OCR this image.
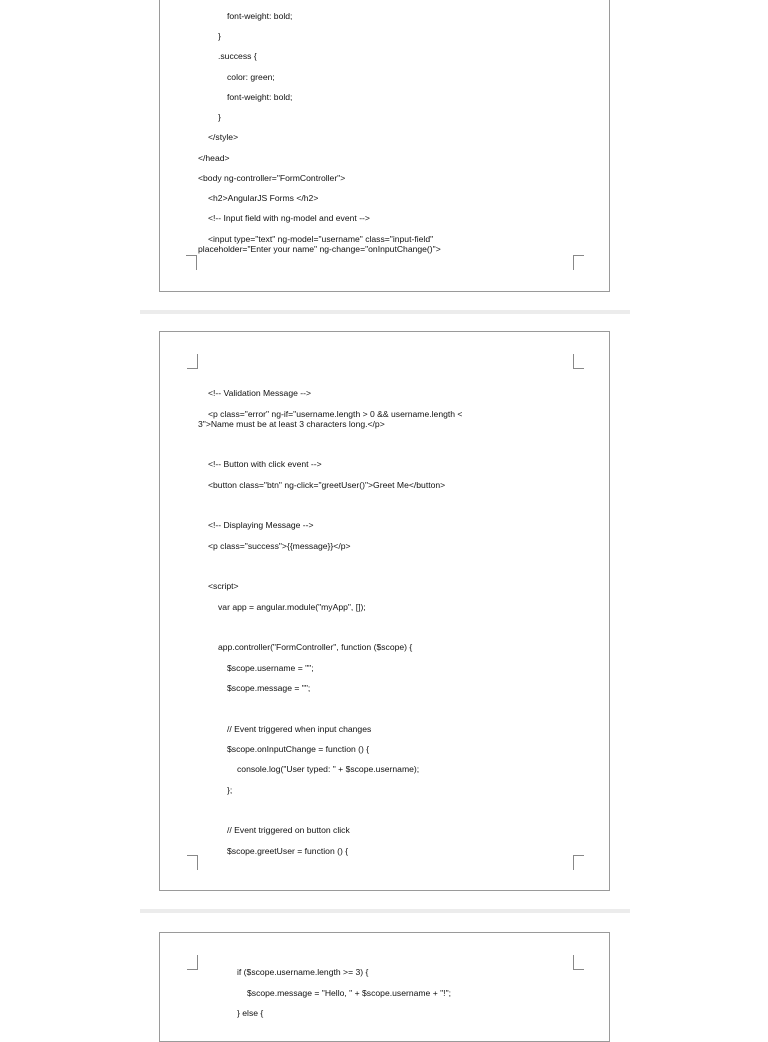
font-weight: bold;
}
.success {
color: green;
font-weight: bold;
}
</style>
</head>
<body ng-controller="FormController">
<h2>AngularJS Forms </h2>
<!-- Input field with ng-model and event -->
<input type="text" ng-model="username" class="input-field"
placeholder="Enter your name" ng-change="onInputChange()">
<!-- Validation Message -->
<p class="error" ng-if="username.length > 0 && username.length <
3">Name must be at least 3 characters long.</p>
<!-- Button with click event -->
<button class="btn" ng-click="greetUser()">Greet Me</button>
<!-- Displaying Message -->
<p class="success">{{message}}</p>
<script>
var app = angular.module("myApp", []);
app.controller("FormController", function ($scope) {
$scope.username = "";
$scope.message = "";
// Event triggered when input changes
$scope.onInputChange = function () {
console.log("User typed: " + $scope.username);
};
// Event triggered on button click
$scope.greetUser = function () {
if ($scope.username.length >= 3) {
$scope.message = "Hello, " + $scope.username + "!";
} else {
